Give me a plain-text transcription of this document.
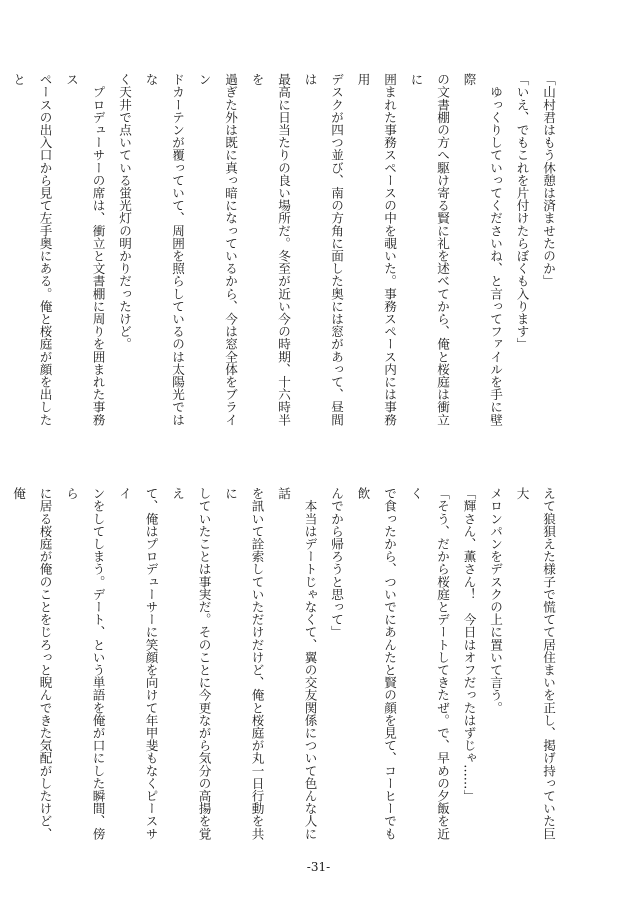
「山村君はもう休憩は済ませたのか」

「いえ、でもこれを片付けたらぼくも入ります」

　ゆっくりしていってくださいね、と言ってファイルを手に壁際

の文書棚の方へ駆け寄る賢に礼を述べてから、俺と桜庭は衝立に

囲まれた事務スペースの中を覗いた。事務スペース内には事務用

デスクが四つ並び、南の方角に面した奥には窓があって、昼間は

最高に日当たりの良い場所だ。冬至が近い今の時期、十六時半を

過ぎた外は既に真っ暗になっているから、今は窓全体をブライン

ドカーテンが覆っていて、周囲を照らしているのは太陽光ではな

く天井で点いている蛍光灯の明かりだったけど。

　プロデューサーの席は、衝立と文書棚に周りを囲まれた事務ス

ペースの出入口から見て左手奥にある。俺と桜庭が顔を出したと

えて狼狽えた様子で慌てて居住まいを正し、掲げ持っていた巨大

メロンパンをデスクの上に置いて言う。

「輝さん、薫さん！　今日はオフだったはずじゃ……」

「そう、だから桜庭とデートしてきたぜ。で、早めの夕飯を近く

で食ったから、ついでにあんたと賢の顔を見て、コーヒーでも飲

んでから帰ろうと思って」

　本当はデートじゃなくて、翼の交友関係について色んな人に話

を訊いて詮索していただけだけど、俺と桜庭が丸一日行動を共に

していたことは事実だ。そのことに今更ながら気分の高揚を覚え

て、俺はプロデューサーに笑顔を向けて年甲斐もなくピースサイ

ンをしてしまう。デート、という単語を俺が口にした瞬間、傍ら

に居る桜庭が俺のことをじろっと睨んできた気配がしたけど、俺

-31-
